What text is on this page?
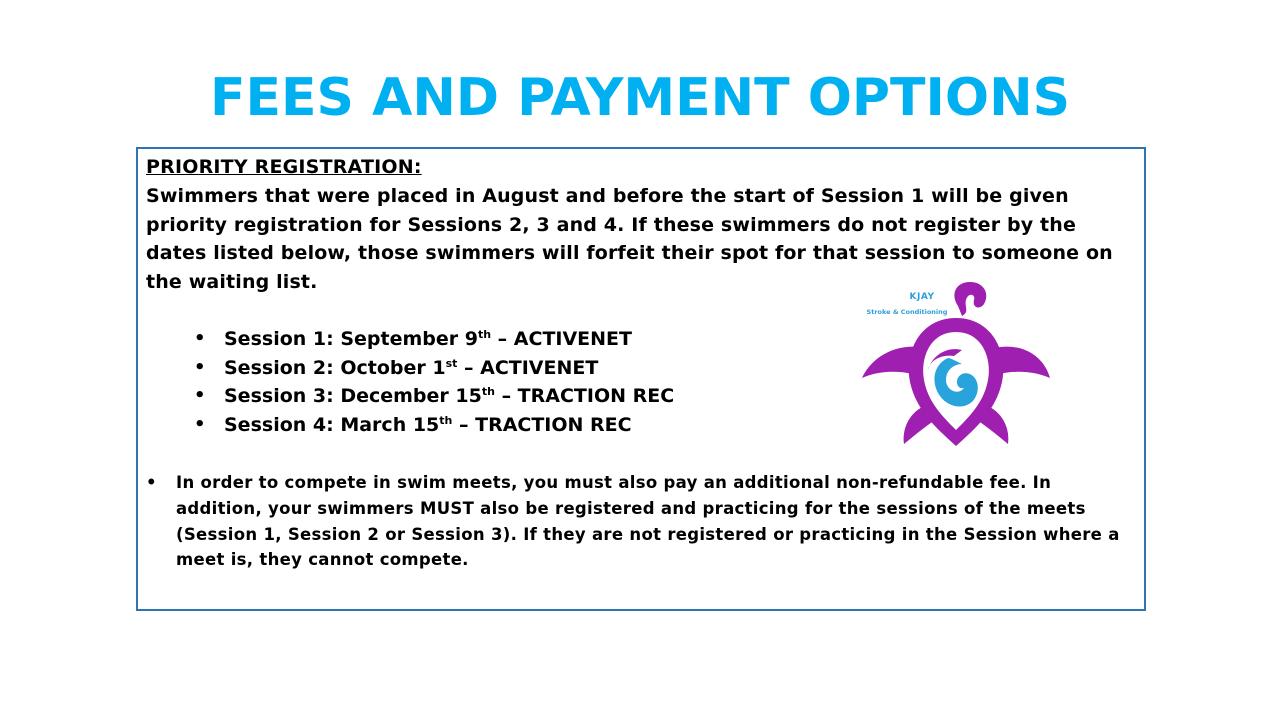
FEES AND PAYMENT OPTIONS
PRIORITY REGISTRATION:

Swimmers that were placed in August and before the start of Session 1 will be given priority registration for Sessions 2, 3 and 4. If these swimmers do not register by the dates listed below, those swimmers will forfeit their spot for that session to someone on the waiting list.

• Session 1: September 9th – ACTIVENET
• Session 2: October 1st – ACTIVENET
• Session 3: December 15th – TRACTION REC
• Session 4: March 15th – TRACTION REC
• In order to compete in swim meets, you must also pay an additional non-refundable fee. In addition, your swimmers MUST also be registered and practicing for the sessions of the meets (Session 1, Session 2 or Session 3). If they are not registered or practicing in the Session where a meet is, they cannot compete.
KJAY
Stroke & Conditioning
